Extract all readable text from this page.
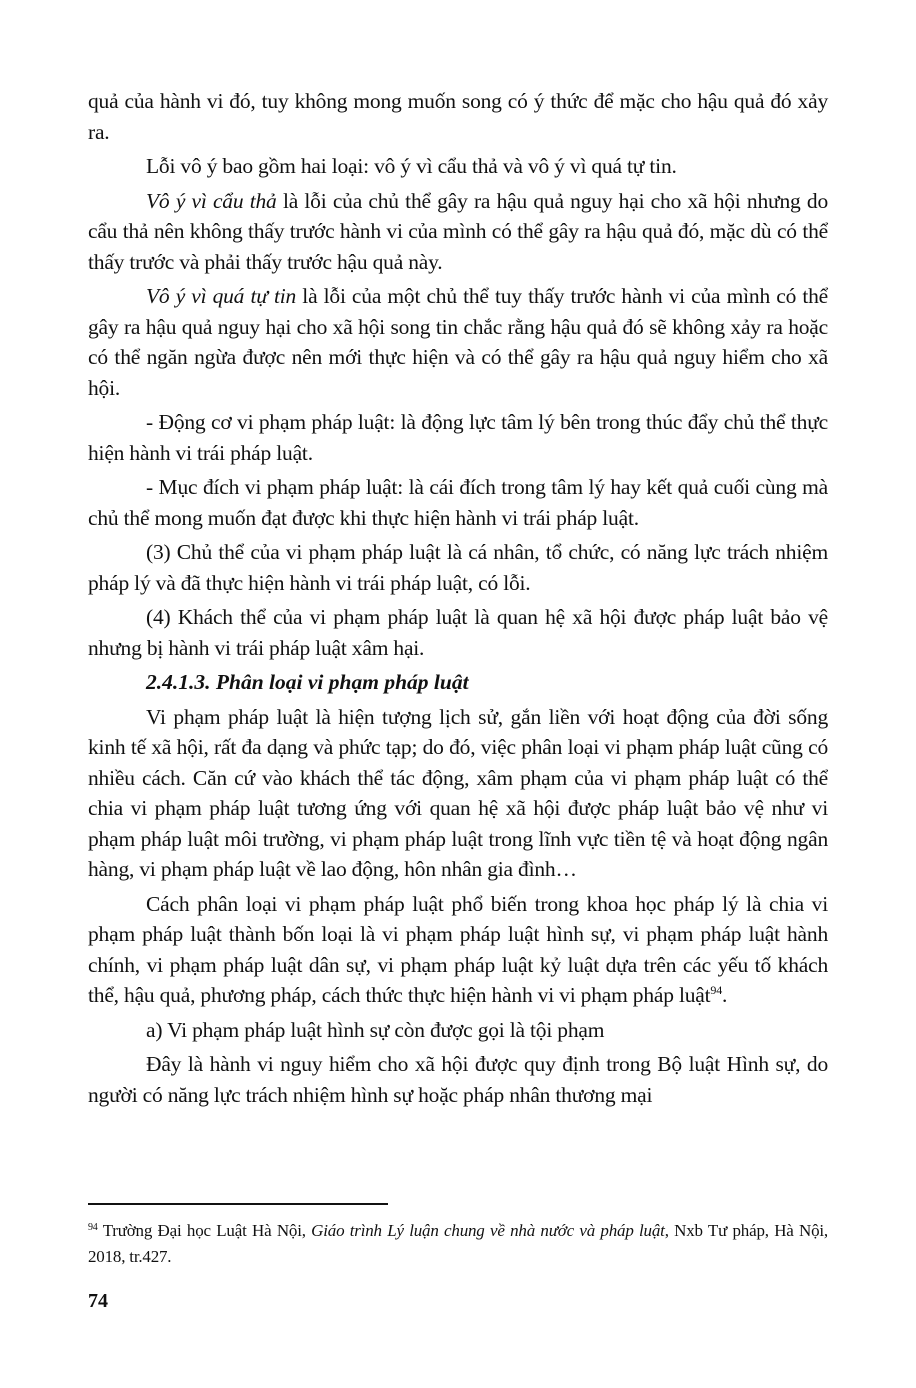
quả của hành vi đó, tuy không mong muốn song có ý thức để mặc cho hậu quả đó xảy ra.

Lỗi vô ý bao gồm hai loại: vô ý vì cẩu thả và vô ý vì quá tự tin.

Vô ý vì cẩu thả là lỗi của chủ thể gây ra hậu quả nguy hại cho xã hội nhưng do cẩu thả nên không thấy trước hành vi của mình có thể gây ra hậu quả đó, mặc dù có thể thấy trước và phải thấy trước hậu quả này.

Vô ý vì quá tự tin là lỗi của một chủ thể tuy thấy trước hành vi của mình có thể gây ra hậu quả nguy hại cho xã hội song tin chắc rằng hậu quả đó sẽ không xảy ra hoặc có thể ngăn ngừa được nên mới thực hiện và có thể gây ra hậu quả nguy hiểm cho xã hội.

- Động cơ vi phạm pháp luật: là động lực tâm lý bên trong thúc đẩy chủ thể thực hiện hành vi trái pháp luật.

- Mục đích vi phạm pháp luật: là cái đích trong tâm lý hay kết quả cuối cùng mà chủ thể mong muốn đạt được khi thực hiện hành vi trái pháp luật.

(3) Chủ thể của vi phạm pháp luật là cá nhân, tổ chức, có năng lực trách nhiệm pháp lý và đã thực hiện hành vi trái pháp luật, có lỗi.

(4) Khách thể của vi phạm pháp luật là quan hệ xã hội được pháp luật bảo vệ nhưng bị hành vi trái pháp luật xâm hại.

2.4.1.3. Phân loại vi phạm pháp luật

Vi phạm pháp luật là hiện tượng lịch sử, gắn liền với hoạt động của đời sống kinh tế xã hội, rất đa dạng và phức tạp; do đó, việc phân loại vi phạm pháp luật cũng có nhiều cách. Căn cứ vào khách thể tác động, xâm phạm của vi phạm pháp luật có thể chia vi phạm pháp luật tương ứng với quan hệ xã hội được pháp luật bảo vệ như vi phạm pháp luật môi trường, vi phạm pháp luật trong lĩnh vực tiền tệ và hoạt động ngân hàng, vi phạm pháp luật về lao động, hôn nhân gia đình…

Cách phân loại vi phạm pháp luật phổ biến trong khoa học pháp lý là chia vi phạm pháp luật thành bốn loại là vi phạm pháp luật hình sự, vi phạm pháp luật hành chính, vi phạm pháp luật dân sự, vi phạm pháp luật kỷ luật dựa trên các yếu tố khách thể, hậu quả, phương pháp, cách thức thực hiện hành vi vi phạm pháp luật$^{94}$.

a) Vi phạm pháp luật hình sự còn được gọi là tội phạm

Đây là hành vi nguy hiểm cho xã hội được quy định trong Bộ luật Hình sự, do người có năng lực trách nhiệm hình sự hoặc pháp nhân thương mại

$^{94}$ Trường Đại học Luật Hà Nội, Giáo trình Lý luận chung về nhà nước và pháp luật, Nxb Tư pháp, Hà Nội, 2018, tr.427.
74
